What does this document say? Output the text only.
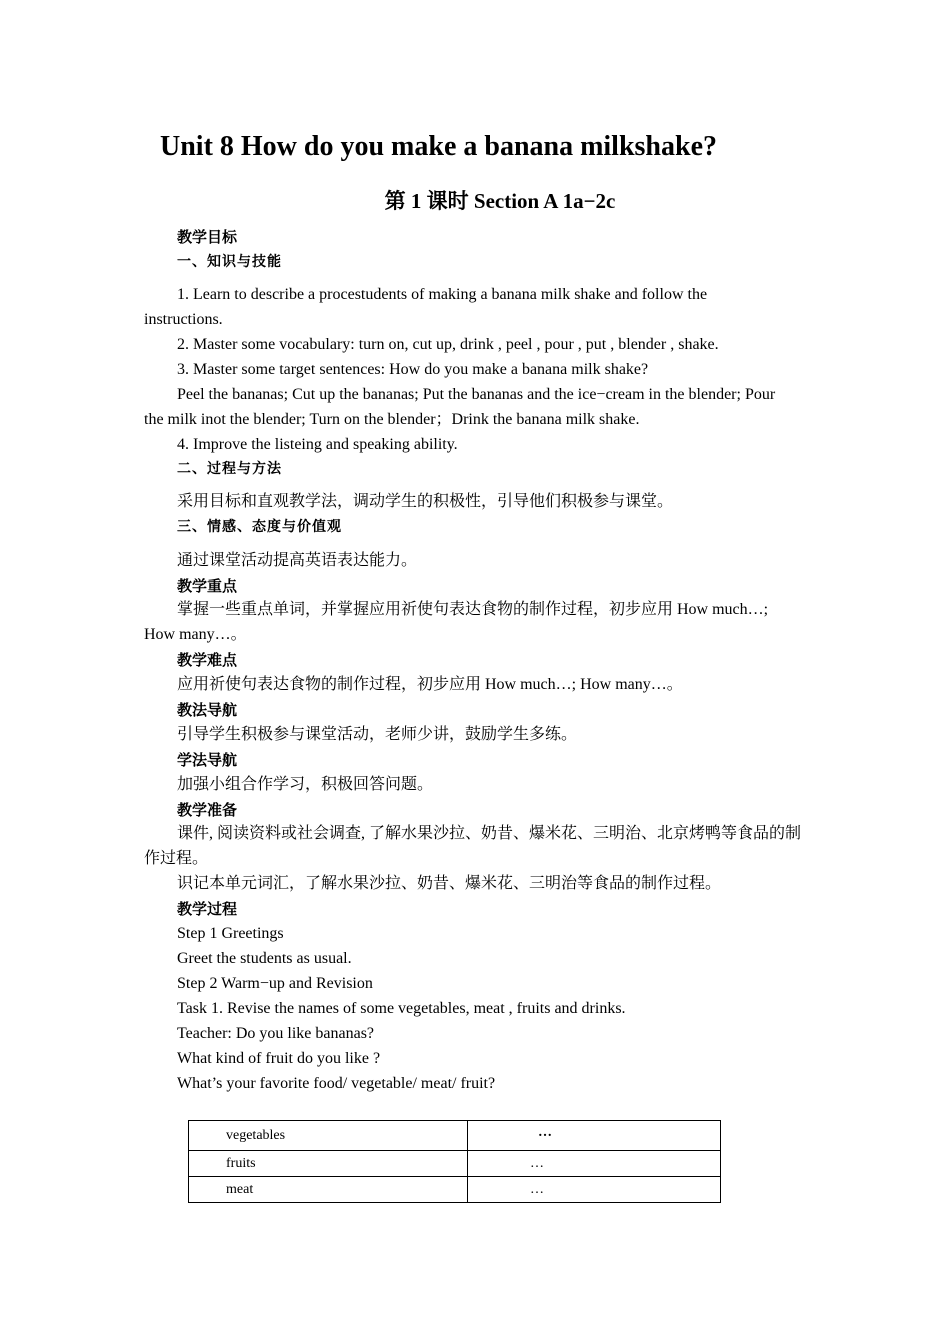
Unit 8 How do you make a banana milkshake?
第 1 课时 Section A 1a−2c
教学目标
一、知识与技能
1. Learn to describe a procestudents of making a banana milk shake and follow the
instructions.
2. Master some vocabulary: turn on, cut up, drink , peel , pour , put , blender , shake.
3. Master some target sentences: How do you make a banana milk shake?
Peel the bananas; Cut up the bananas; Put the bananas and the ice−cream in the blender; Pour
the milk inot the blender; Turn on the blender；Drink the banana milk shake.
4. Improve the listeing and speaking ability.
二、过程与方法
采用目标和直观教学法，调动学生的积极性，引导他们积极参与课堂。
三、情感、态度与价值观
通过课堂活动提高英语表达能力。
教学重点
掌握一些重点单词，并掌握应用祈使句表达食物的制作过程，初步应用 How much…;
How many…。
教学难点
应用祈使句表达食物的制作过程，初步应用 How much…; How many…。
教法导航
引导学生积极参与课堂活动，老师少讲，鼓励学生多练。
学法导航
加强小组合作学习，积极回答问题。
教学准备
课件, 阅读资料或社会调查, 了解水果沙拉、奶昔、爆米花、三明治、北京烤鸭等食品的制
作过程。
识记本单元词汇，了解水果沙拉、奶昔、爆米花、三明治等食品的制作过程。
教学过程
Step 1 Greetings
Greet the students as usual.
Step 2 Warm−up and Revision
Task 1. Revise the names of some vegetables, meat , fruits and drinks.
Teacher: Do you like bananas?
What kind of fruit do you like ?
What’s your favorite food/ vegetable/ meat/ fruit?
vegetables	…
fruits	…
meat	…
